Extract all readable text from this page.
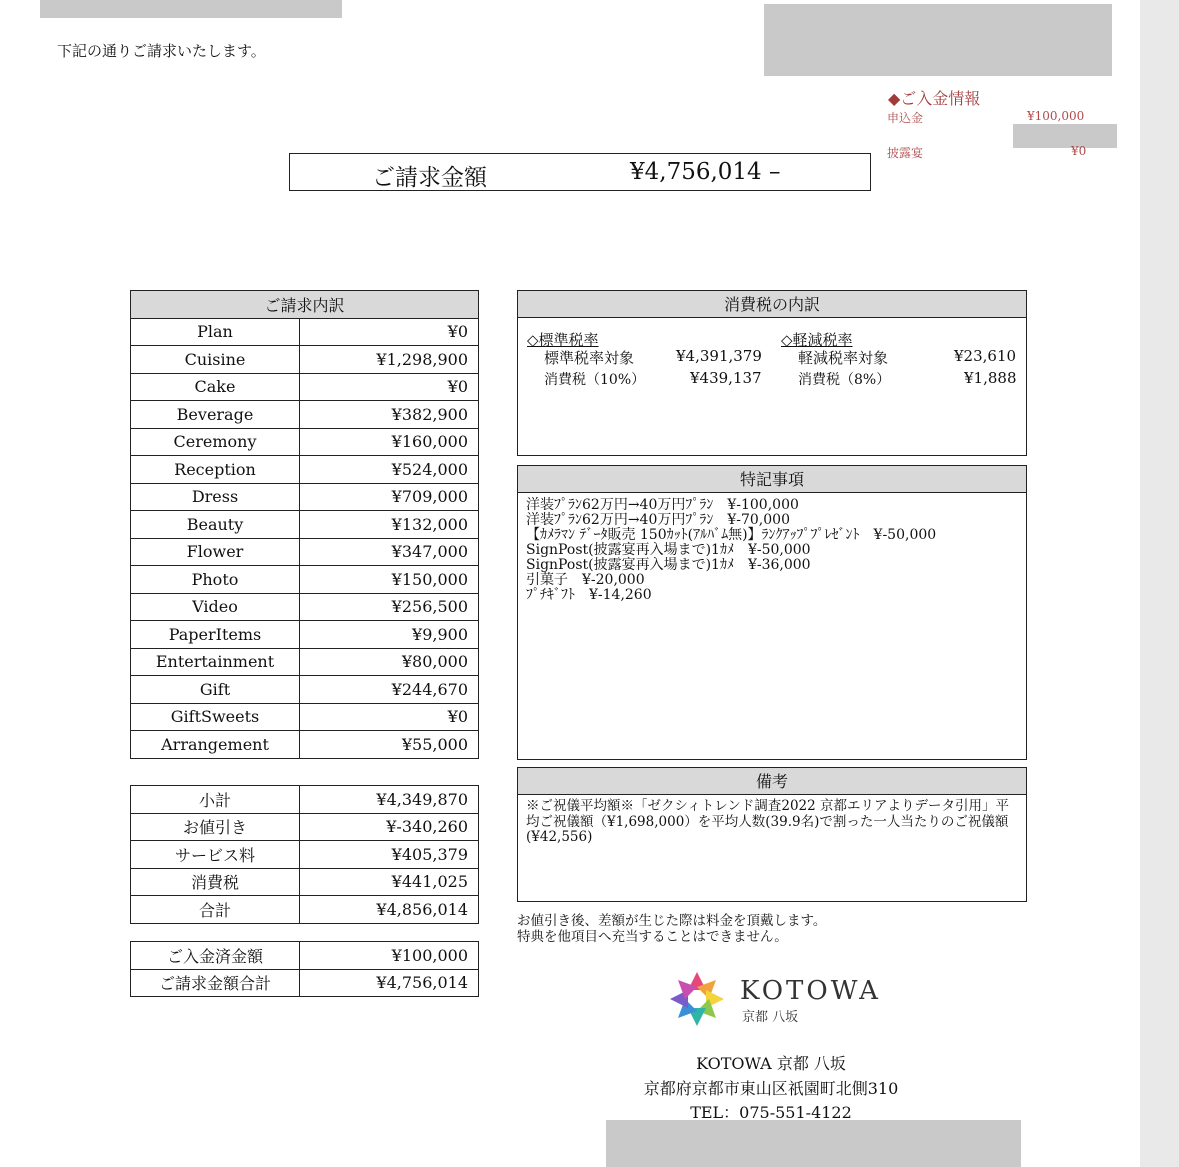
下記の通りご請求いたします。
◆ご入金情報
申込金	¥100,000
披露宴	¥0
ご請求金額	¥4,756,014 –
ご請求内訳	
Plan	¥0
Cuisine	¥1,298,900
Cake	¥0
Beverage	¥382,900
Ceremony	¥160,000
Reception	¥524,000
Dress	¥709,000
Beauty	¥132,000
Flower	¥347,000
Photo	¥150,000
Video	¥256,500
PaperItems	¥9,900
Entertainment	¥80,000
Gift	¥244,670
GiftSweets	¥0
Arrangement	¥55,000
小計	¥4,349,870
お値引き	¥-340,260
サービス料	¥405,379
消費税	¥441,025
合計	¥4,856,014
ご入金済金額	¥100,000
ご請求金額合計	¥4,756,014
消費税の内訳
◇標準税率
標準税率対象	¥4,391,379
消費税（10%）	¥439,137
◇軽減税率
軽減税率対象	¥23,610
消費税（8%）	¥1,888
特記事項
洋装ﾌﾟﾗﾝ62万円→40万円ﾌﾟﾗﾝ　¥-100,000
洋装ﾌﾟﾗﾝ62万円→40万円ﾌﾟﾗﾝ　¥-70,000
【ｶﾒﾗﾏﾝ ﾃﾞｰﾀ販売 150ｶｯﾄ(ｱﾙﾊﾞﾑ無)】ﾗﾝｸｱｯﾌﾟﾌﾟﾚｾﾞﾝﾄ　¥-50,000
SignPost(披露宴再入場まで)1ｶﾒ　¥-50,000
SignPost(披露宴再入場まで)1ｶﾒ　¥-36,000
引菓子　¥-20,000
ﾌﾟﾁｷﾞﾌﾄ　¥-14,260
備考
※ご祝儀平均額※「ゼクシィトレンド調査2022 京都エリアよりデータ引用」平均ご祝儀額（¥1,698,000）を平均人数(39.9名)で割った一人当たりのご祝儀額(¥42,556)
お値引き後、差額が生じた際は料金を頂戴します。
特典を他項目へ充当することはできません。
KOTOWA
京都 八坂
KOTOWA 京都 八坂
京都府京都市東山区祇園町北側310
TEL：075-551-4122
